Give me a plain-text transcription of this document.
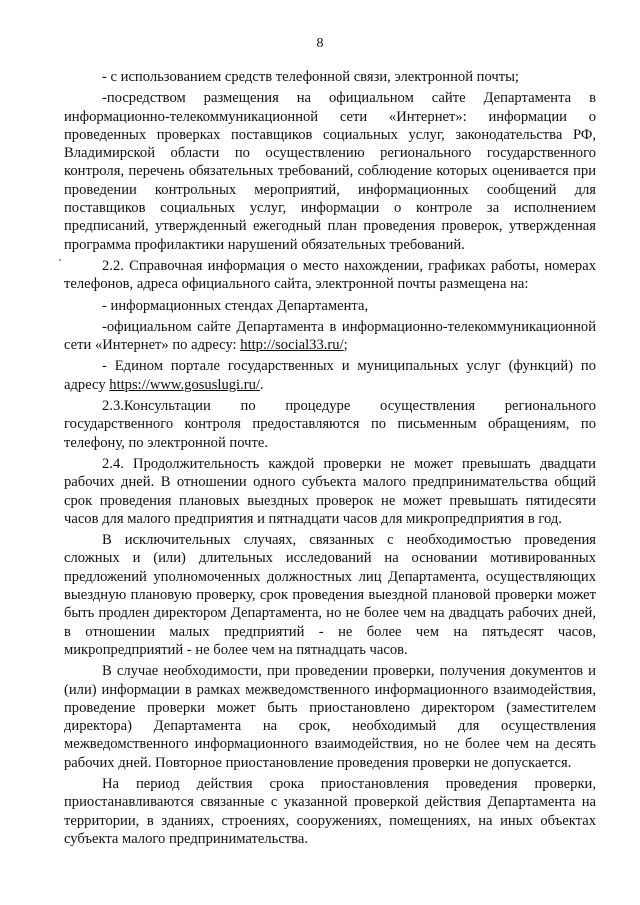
8

- с использованием средств телефонной связи, электронной почты;

-посредством размещения на официальном сайте Департамента в информационно-телекоммуникационной сети «Интернет»: информации о проведенных проверках поставщиков социальных услуг, законодательства РФ, Владимирской области по осуществлению регионального государственного контроля, перечень обязательных требований, соблюдение которых оценивается при проведении контрольных мероприятий, информационных сообщений для поставщиков социальных услуг, информации о контроле за исполнением предписаний, утвержденный ежегодный план проведения проверок, утвержденная программа профилактики нарушений обязательных требований.

2.2. Справочная информация о место нахождении, графиках работы, номерах телефонов, адреса официального сайта, электронной почты размещена на:

- информационных стендах Департамента,

-официальном сайте Департамента в информационно-телекоммуникационной сети «Интернет» по адресу: http://social33.ru/;

- Едином портале государственных и муниципальных услуг (функций) по адресу https://www.gosuslugi.ru/.

2.3.Консультации по процедуре осуществления регионального государственного контроля предоставляются по письменным обращениям, по телефону, по электронной почте.

2.4. Продолжительность каждой проверки не может превышать двадцати рабочих дней. В отношении одного субъекта малого предпринимательства общий срок проведения плановых выездных проверок не может превышать пятидесяти часов для малого предприятия и пятнадцати часов для микропредприятия в год.

В исключительных случаях, связанных с необходимостью проведения сложных и (или) длительных исследований на основании мотивированных предложений уполномоченных должностных лиц Департамента, осуществляющих выездную плановую проверку, срок проведения выездной плановой проверки может быть продлен директором Департамента, но не более чем на двадцать рабочих дней, в отношении малых предприятий - не более чем на пятьдесят часов, микропредприятий - не более чем на пятнадцать часов.

В случае необходимости, при проведении проверки, получения документов и (или) информации в рамках межведомственного информационного взаимодействия, проведение проверки может быть приостановлено директором (заместителем директора) Департамента на срок, необходимый для осуществления межведомственного информационного взаимодействия, но не более чем на десять рабочих дней. Повторное приостановление проведения проверки не допускается.

На период действия срока приостановления проведения проверки, приостанавливаются связанные с указанной проверкой действия Департамента на территории, в зданиях, строениях, сооружениях, помещениях, на иных объектах субъекта малого предпринимательства.
